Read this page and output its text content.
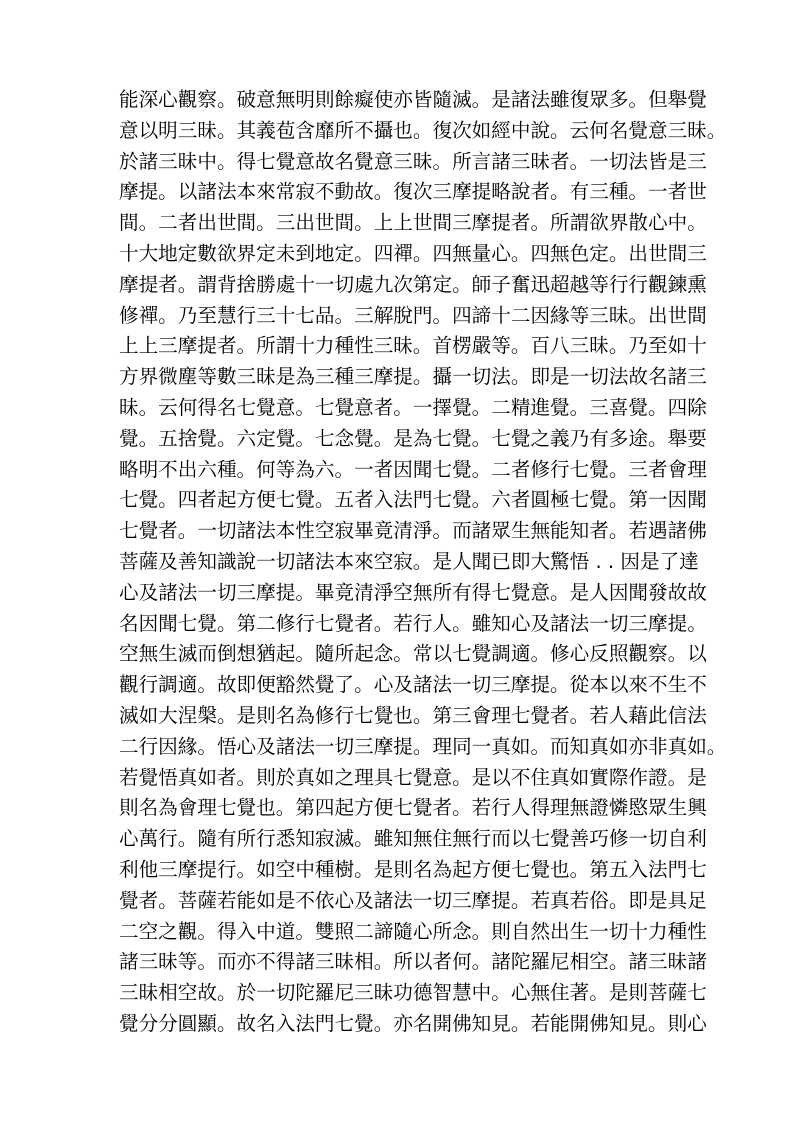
能深心觀察。破意無明則餘癡使亦皆隨滅。是諸法雖復眾多。但舉覺
意以明三昧。其義苞含靡所不攝也。復次如經中說。云何名覺意三昧。
於諸三昧中。得七覺意故名覺意三昧。所言諸三昧者。一切法皆是三
摩提。以諸法本來常寂不動故。復次三摩提略說者。有三種。一者世
間。二者出世間。三出世間。上上世間三摩提者。所謂欲界散心中。
十大地定數欲界定未到地定。四禪。四無量心。四無色定。出世間三
摩提者。謂背捨勝處十一切處九次第定。師子奮迅超越等行行觀鍊熏
修禪。乃至慧行三十七品。三解脫門。四諦十二因緣等三昧。出世間
上上三摩提者。所謂十力種性三昧。首楞嚴等。百八三昧。乃至如十
方界微塵等數三昧是為三種三摩提。攝一切法。即是一切法故名諸三
昧。云何得名七覺意。七覺意者。一擇覺。二精進覺。三喜覺。四除
覺。五捨覺。六定覺。七念覺。是為七覺。七覺之義乃有多途。舉要
略明不出六種。何等為六。一者因聞七覺。二者修行七覺。三者會理
七覺。四者起方便七覺。五者入法門七覺。六者圓極七覺。第一因聞
七覺者。一切諸法本性空寂畢竟清淨。而諸眾生無能知者。若遇諸佛
菩薩及善知識說一切諸法本來空寂。是人聞已即大驚悟 . . 因是了達
心及諸法一切三摩提。畢竟清淨空無所有得七覺意。是人因聞發故故
名因聞七覺。第二修行七覺者。若行人。雖知心及諸法一切三摩提。
空無生滅而倒想猶起。隨所起念。常以七覺調適。修心反照觀察。以
觀行調適。故即便豁然覺了。心及諸法一切三摩提。從本以來不生不
滅如大涅槃。是則名為修行七覺也。第三會理七覺者。若人藉此信法
二行因緣。悟心及諸法一切三摩提。理同一真如。而知真如亦非真如。
若覺悟真如者。則於真如之理具七覺意。是以不住真如實際作證。是
則名為會理七覺也。第四起方便七覺者。若行人得理無證憐愍眾生興
心萬行。隨有所行悉知寂滅。雖知無住無行而以七覺善巧修一切自利
利他三摩提行。如空中種樹。是則名為起方便七覺也。第五入法門七
覺者。菩薩若能如是不依心及諸法一切三摩提。若真若俗。即是具足
二空之觀。得入中道。雙照二諦隨心所念。則自然出生一切十力種性
諸三昧等。而亦不得諸三昧相。所以者何。諸陀羅尼相空。諸三昧諸
三昧相空故。於一切陀羅尼三昧功德智慧中。心無住著。是則菩薩七
覺分分圓顯。故名入法門七覺。亦名開佛知見。若能開佛知見。則心
